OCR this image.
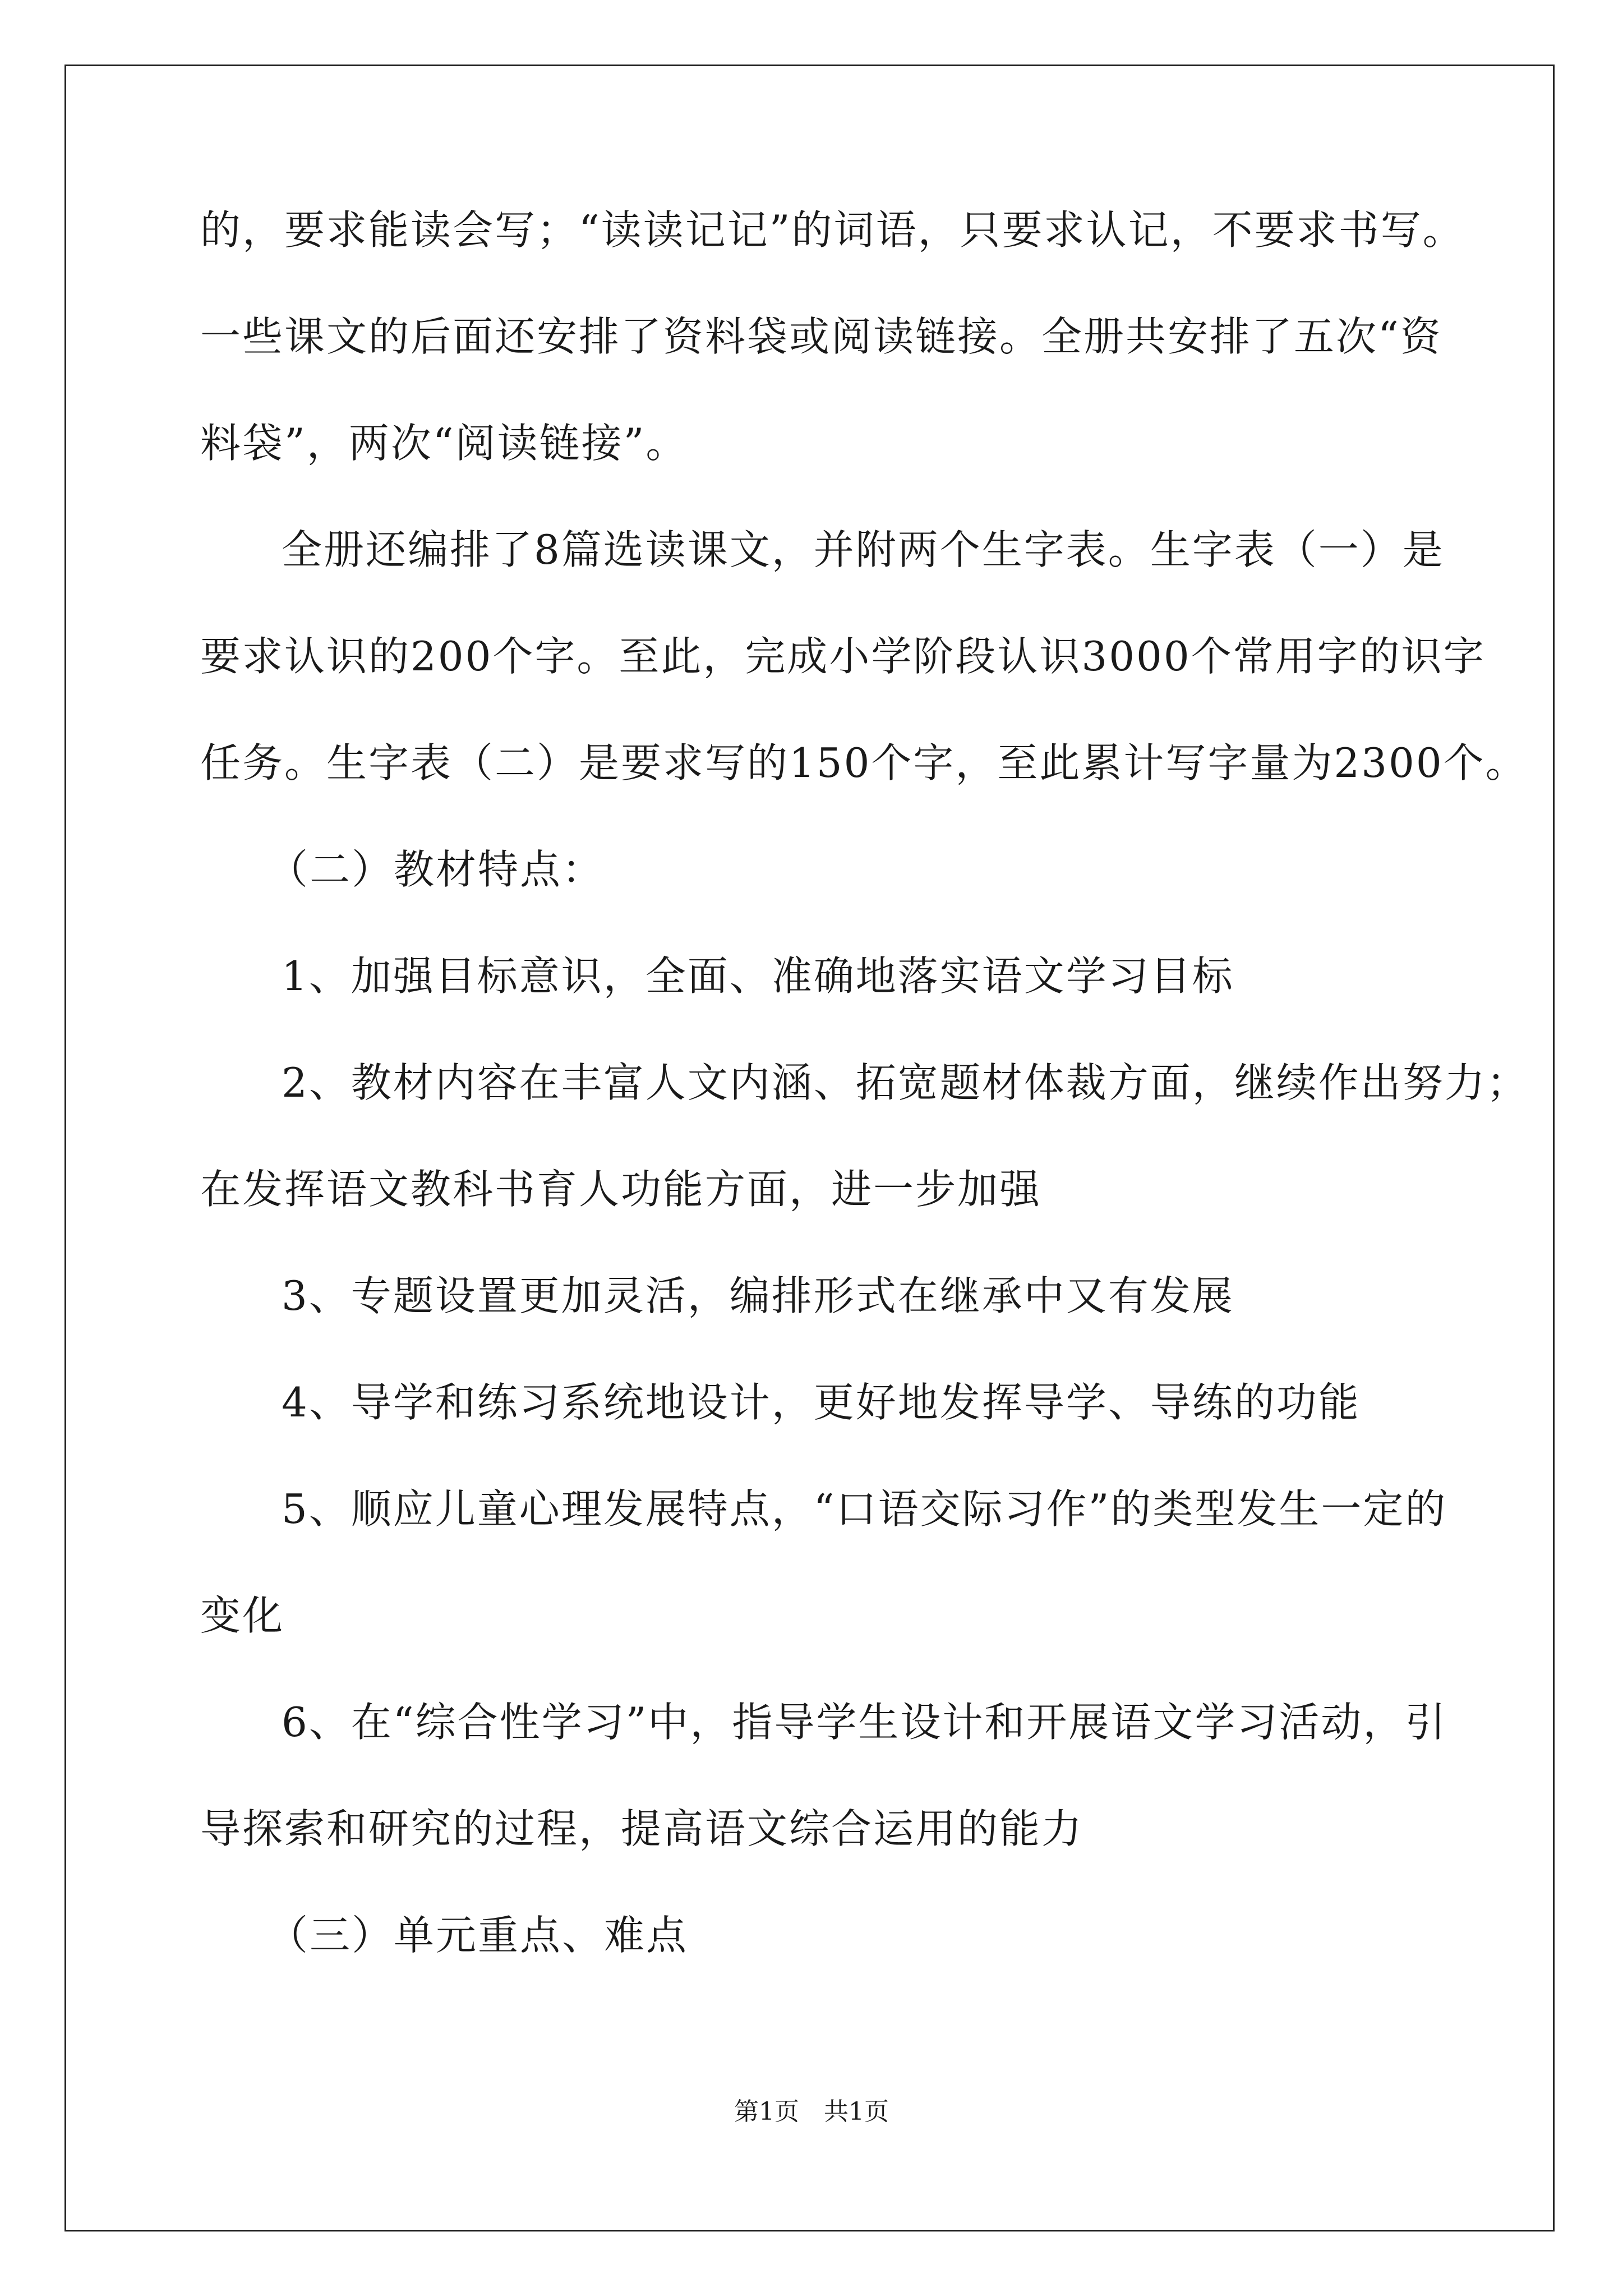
的，要求能读会写；“读读记记”的词语，只要求认记，不要求书写。
一些课文的后面还安排了资料袋或阅读链接。全册共安排了五次“资
料袋”，两次“阅读链接”。
全册还编排了8篇选读课文，并附两个生字表。生字表（一）是
要求认识的200个字。至此，完成小学阶段认识3000个常用字的识字
任务。生字表（二）是要求写的150个字，至此累计写字量为2300个。
（二）教材特点：
1、加强目标意识，全面、准确地落实语文学习目标
2、教材内容在丰富人文内涵、拓宽题材体裁方面，继续作出努力；
在发挥语文教科书育人功能方面，进一步加强
3、专题设置更加灵活，编排形式在继承中又有发展
4、导学和练习系统地设计，更好地发挥导学、导练的功能
5、顺应儿童心理发展特点，“口语交际习作”的类型发生一定的
变化
6、在“综合性学习”中，指导学生设计和开展语文学习活动，引
导探索和研究的过程，提高语文综合运用的能力
（三）单元重点、难点
第1页　共1页
